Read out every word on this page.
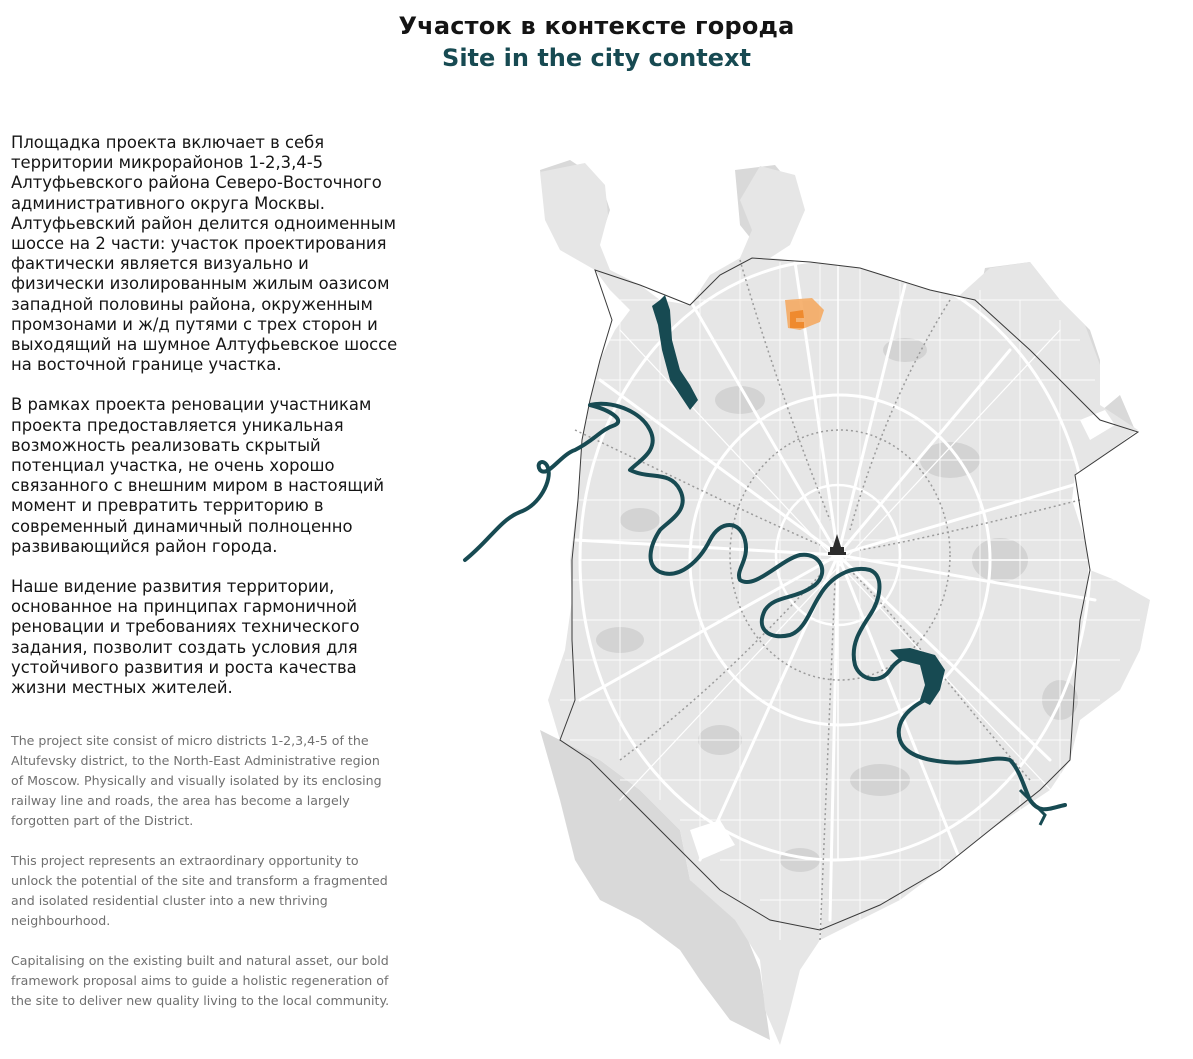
Участок в контексте города
Site in the city context

Площадка проекта включает в себя
территории микрорайонов 1-2,3,4-5
Алтуфьевского района Северо-Восточного
административного округа Москвы.
Алтуфьевский район делится одноименным
шоссе на 2 части: участок проектирования
фактически является визуально и
физически изолированным жилым оазисом
западной половины района, окруженным
промзонами и ж/д путями с трех сторон и
выходящий на шумное Алтуфьевское шоссе
на восточной границе участка.

В рамках проекта реновации участникам
проекта предоставляется уникальная
возможность реализовать скрытый
потенциал участка, не очень хорошо
связанного с внешним миром в настоящий
момент и превратить территорию в
современный динамичный полноценно
развивающийся район города.

Наше видение развития территории,
основанное на принципах гармоничной
реновации и требованиях технического
задания, позволит создать условия для
устойчивого развития и роста качества
жизни местных жителей.

The project site consist of micro districts 1-2,3,4-5 of the
Altufevsky district, to the North-East Administrative region
of Moscow. Physically and visually isolated by its enclosing
railway line and roads, the area has become a largely
forgotten part of the District.

This project represents an extraordinary opportunity to
unlock the potential of the site and transform a fragmented
and isolated residential cluster into a new thriving
neighbourhood.

Capitalising on the existing built and natural asset, our bold
framework proposal aims to guide a holistic regeneration of
the site to deliver new quality living to the local community.
